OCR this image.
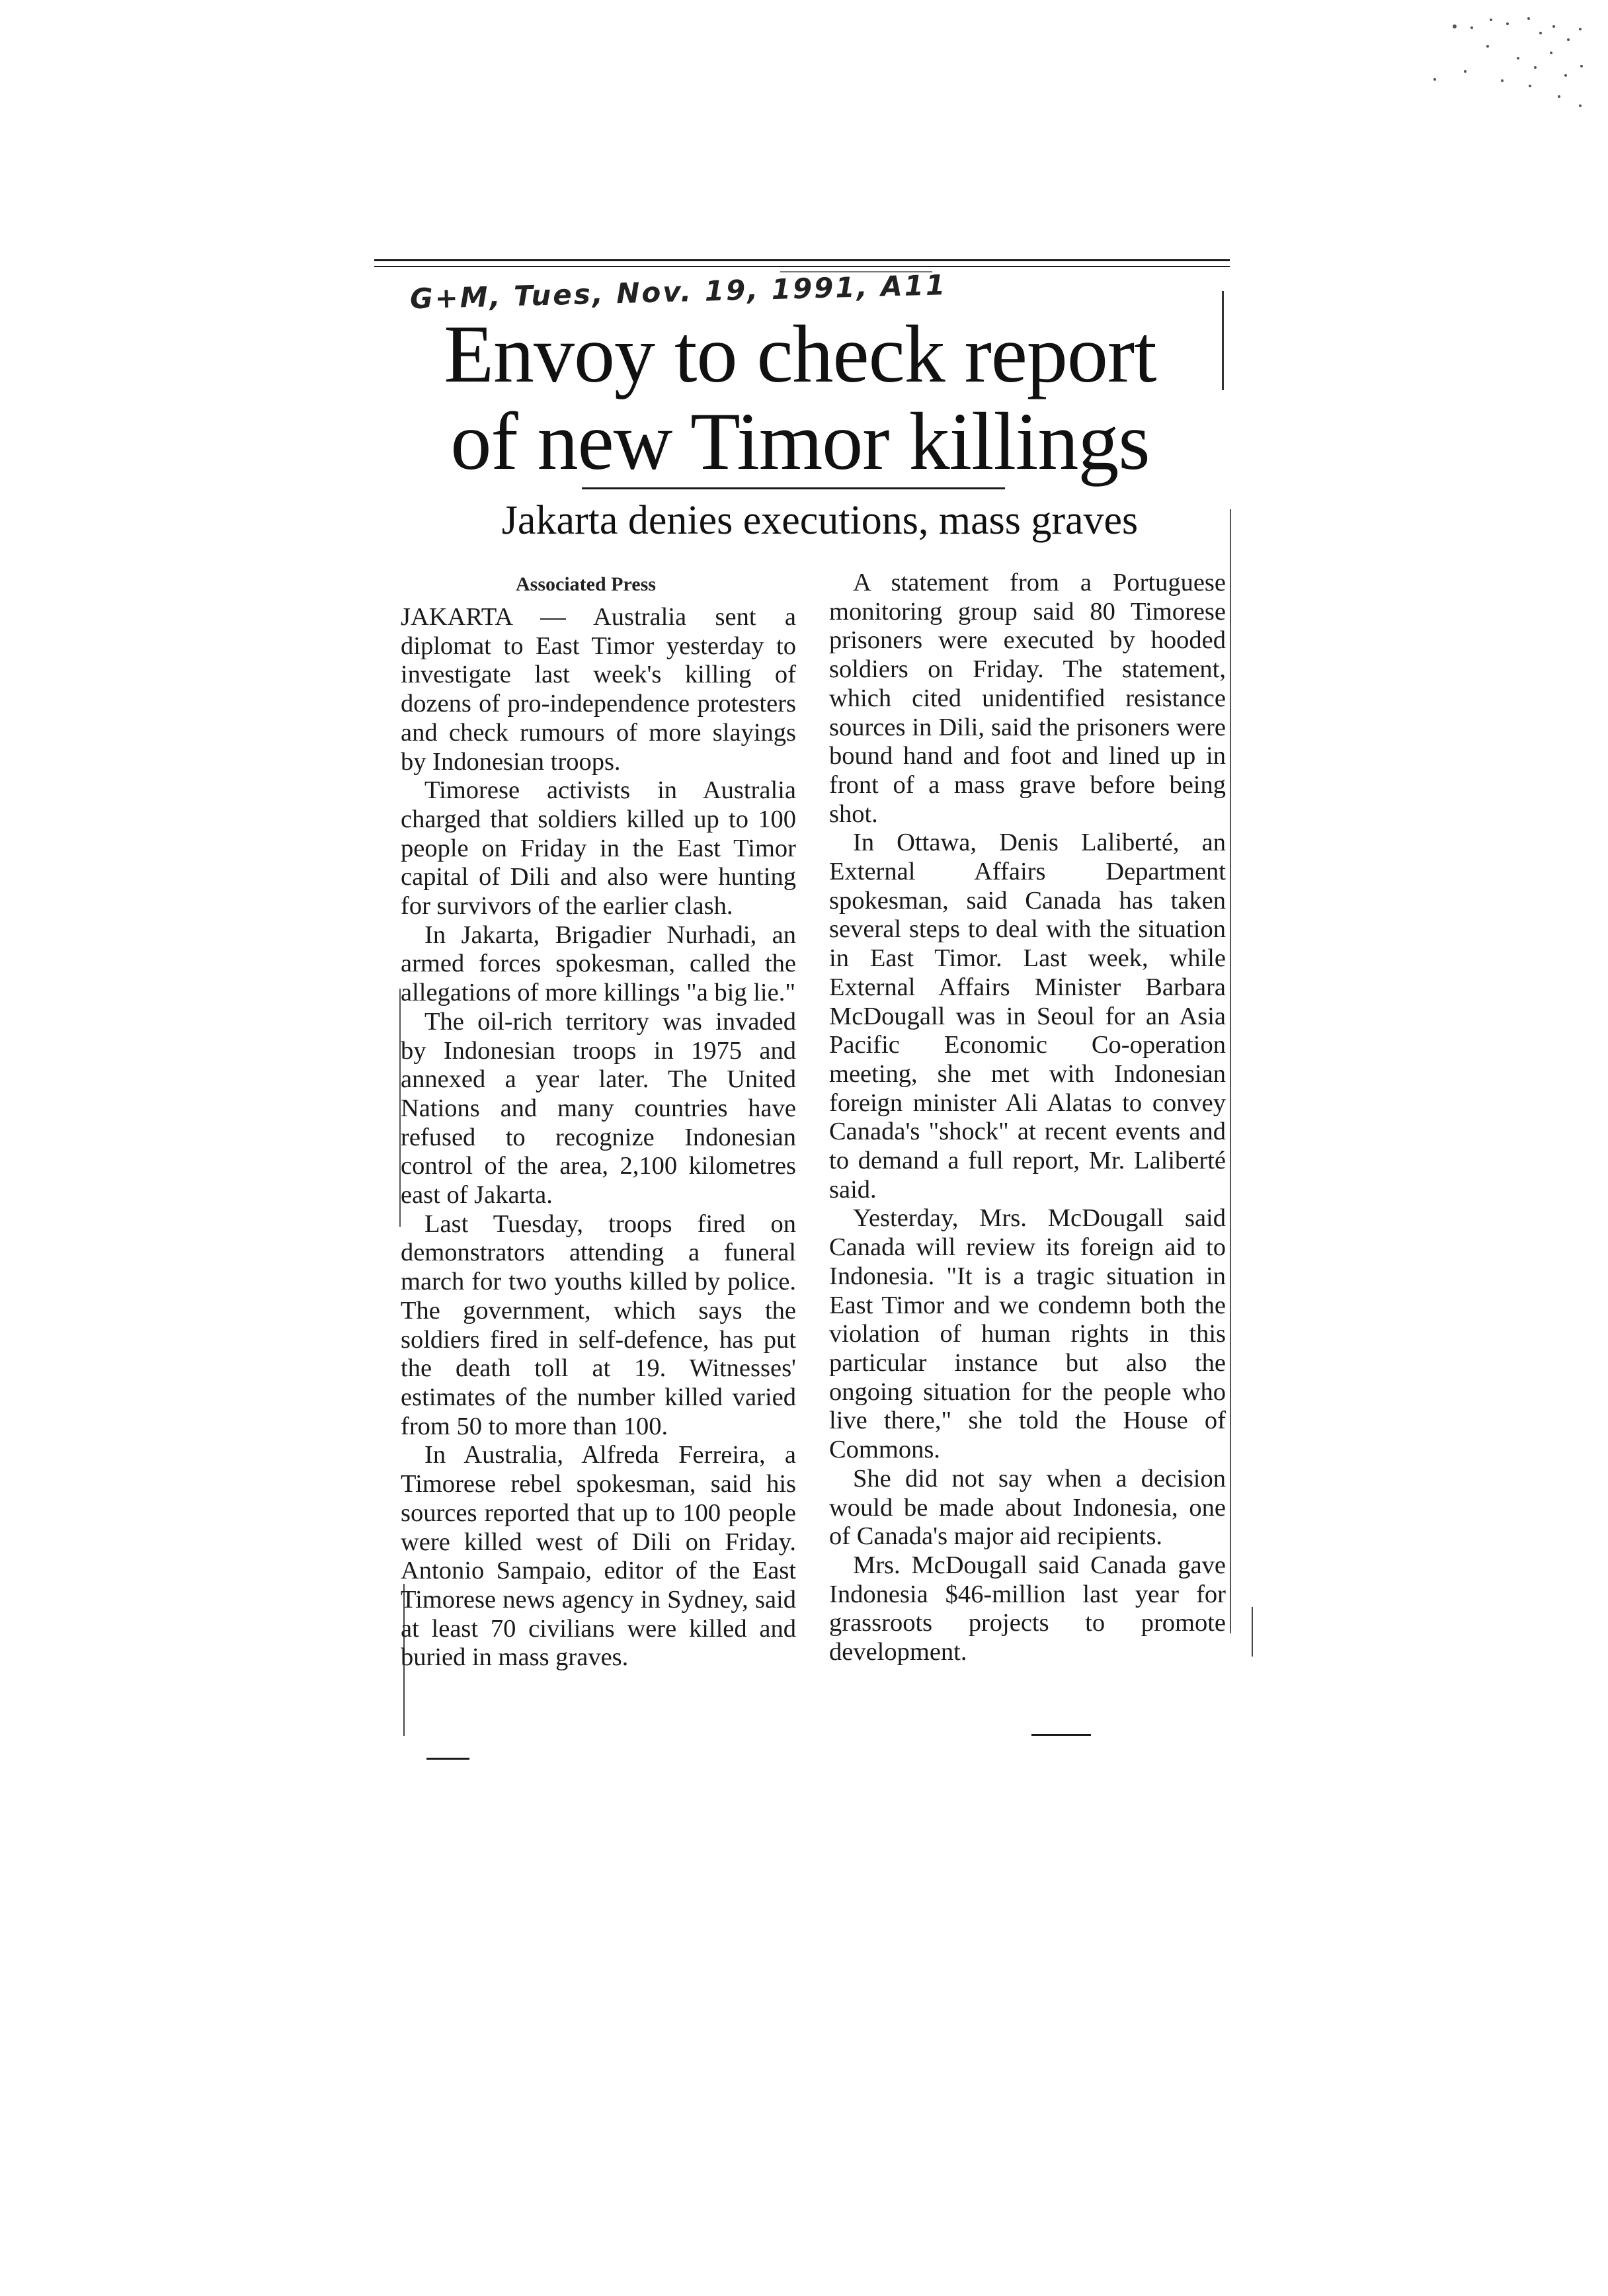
G+M, Tues, Nov. 19, 1991, A11
Envoy to check report
of new Timor killings
Jakarta denies executions, mass graves
Associated Press

JAKARTA — Australia sent a diplomat to East Timor yesterday to investigate last week's killing of dozens of pro-independence protesters and check rumours of more slayings by Indonesian troops.

Timorese activists in Australia charged that soldiers killed up to 100 people on Friday in the East Timor capital of Dili and also were hunting for survivors of the earlier clash.

In Jakarta, Brigadier Nurhadi, an armed forces spokesman, called the allegations of more killings "a big lie."

The oil-rich territory was invaded by Indonesian troops in 1975 and annexed a year later. The United Nations and many countries have refused to recognize Indonesian control of the area, 2,100 kilometres east of Jakarta.

Last Tuesday, troops fired on demonstrators attending a funeral march for two youths killed by police. The government, which says the soldiers fired in self-defence, has put the death toll at 19. Witnesses' estimates of the number killed varied from 50 to more than 100.

In Australia, Alfreda Ferreira, a Timorese rebel spokesman, said his sources reported that up to 100 people were killed west of Dili on Friday. Antonio Sampaio, editor of the East Timorese news agency in Sydney, said at least 70 civilians were killed and buried in mass graves.

A statement from a Portuguese monitoring group said 80 Timorese prisoners were executed by hooded soldiers on Friday. The statement, which cited unidentified resistance sources in Dili, said the prisoners were bound hand and foot and lined up in front of a mass grave before being shot.

In Ottawa, Denis Laliberté, an External Affairs Department spokesman, said Canada has taken several steps to deal with the situation in East Timor. Last week, while External Affairs Minister Barbara McDougall was in Seoul for an Asia Pacific Economic Co-operation meeting, she met with Indonesian foreign minister Ali Alatas to convey Canada's "shock" at recent events and to demand a full report, Mr. Laliberté said.

Yesterday, Mrs. McDougall said Canada will review its foreign aid to Indonesia. "It is a tragic situation in East Timor and we condemn both the violation of human rights in this particular instance but also the ongoing situation for the people who live there," she told the House of Commons.

She did not say when a decision would be made about Indonesia, one of Canada's major aid recipients.

Mrs. McDougall said Canada gave Indonesia $46-million last year for grassroots projects to promote development.
